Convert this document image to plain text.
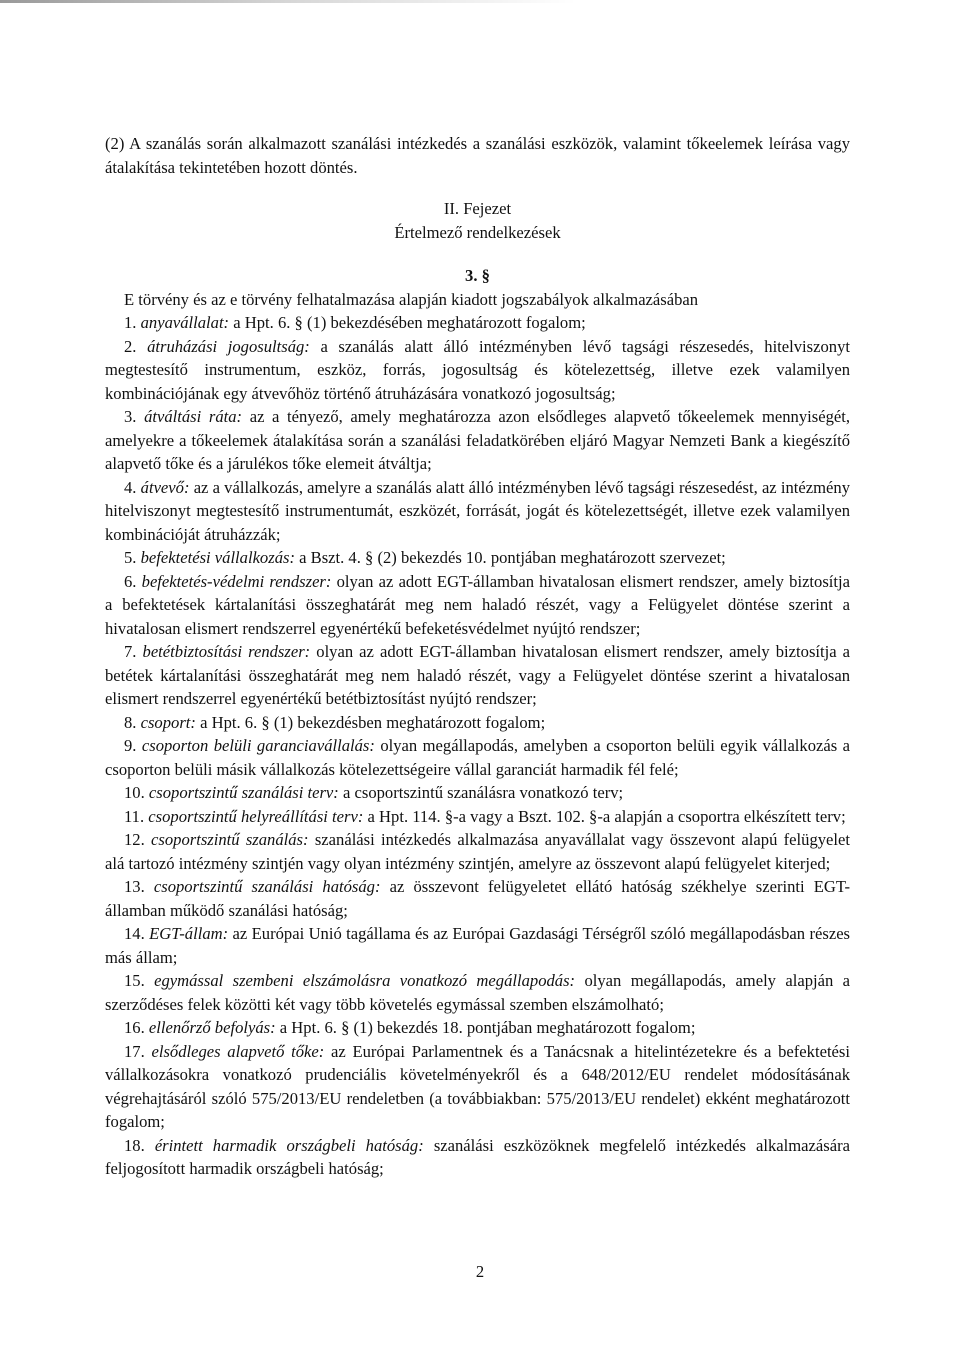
(2) A szanálás során alkalmazott szanálási intézkedés a szanálási eszközök, valamint tőkeelemek leírása vagy átalakítása tekintetében hozott döntés.

II. Fejezet

Értelmező rendelkezések

3. §

E törvény és az e törvény felhatalmazása alapján kiadott jogszabályok alkalmazásában

1. anyavállalat: a Hpt. 6. § (1) bekezdésében meghatározott fogalom;

2. átruházási jogosultság: a szanálás alatt álló intézményben lévő tagsági részesedés, hitelviszonyt megtestesítő instrumentum, eszköz, forrás, jogosultság és kötelezettség, illetve ezek valamilyen kombinációjának egy átvevőhöz történő átruházására vonatkozó jogosultság;

3. átváltási ráta: az a tényező, amely meghatározza azon elsődleges alapvető tőkeelemek mennyiségét, amelyekre a tőkeelemek átalakítása során a szanálási feladatkörében eljáró Magyar Nemzeti Bank a kiegészítő alapvető tőke és a járulékos tőke elemeit átváltja;

4. átvevő: az a vállalkozás, amelyre a szanálás alatt álló intézményben lévő tagsági részesedést, az intézmény hitelviszonyt megtestesítő instrumentumát, eszközét, forrását, jogát és kötelezettségét, illetve ezek valamilyen kombinációját átruházzák;

5. befektetési vállalkozás: a Bszt. 4. § (2) bekezdés 10. pontjában meghatározott szervezet;

6. befektetés-védelmi rendszer: olyan az adott EGT-államban hivatalosan elismert rendszer, amely biztosítja a befektetések kártalanítási összeghatárát meg nem haladó részét, vagy a Felügyelet döntése szerint a hivatalosan elismert rendszerrel egyenértékű befeketésvédelmet nyújtó rendszer;

7. betétbiztosítási rendszer: olyan az adott EGT-államban hivatalosan elismert rendszer, amely biztosítja a betétek kártalanítási összeghatárát meg nem haladó részét, vagy a Felügyelet döntése szerint a hivatalosan elismert rendszerrel egyenértékű betétbiztosítást nyújtó rendszer;

8. csoport: a Hpt. 6. § (1) bekezdésben meghatározott fogalom;

9. csoporton belüli garanciavállalás: olyan megállapodás, amelyben a csoporton belüli egyik vállalkozás a csoporton belüli másik vállalkozás kötelezettségeire vállal garanciát harmadik fél felé;

10. csoportszintű szanálási terv: a csoportszintű szanálásra vonatkozó terv;

11. csoportszintű helyreállítási terv: a Hpt. 114. §-a vagy a Bszt. 102. §-a alapján a csoportra elkészített terv;

12. csoportszintű szanálás: szanálási intézkedés alkalmazása anyavállalat vagy összevont alapú felügyelet alá tartozó intézmény szintjén vagy olyan intézmény szintjén, amelyre az összevont alapú felügyelet kiterjed;

13. csoportszintű szanálási hatóság: az összevont felügyeletet ellátó hatóság székhelye szerinti EGT-államban működő szanálási hatóság;

14. EGT-állam: az Európai Unió tagállama és az Európai Gazdasági Térségről szóló megállapodásban részes más állam;

15. egymással szembeni elszámolásra vonatkozó megállapodás: olyan megállapodás, amely alapján a szerződéses felek közötti két vagy több követelés egymással szemben elszámolható;

16. ellenőrző befolyás: a Hpt. 6. § (1) bekezdés 18. pontjában meghatározott fogalom;

17. elsődleges alapvető tőke: az Európai Parlamentnek és a Tanácsnak a hitelintézetekre és a befektetési vállalkozásokra vonatkozó prudenciális követelményekről és a 648/2012/EU rendelet módosításának végrehajtásáról szóló 575/2013/EU rendeletben (a továbbiakban: 575/2013/EU rendelet) ekként meghatározott fogalom;

18. érintett harmadik országbeli hatóság: szanálási eszközöknek megfelelő intézkedés alkalmazására feljogosított harmadik országbeli hatóság;

2
